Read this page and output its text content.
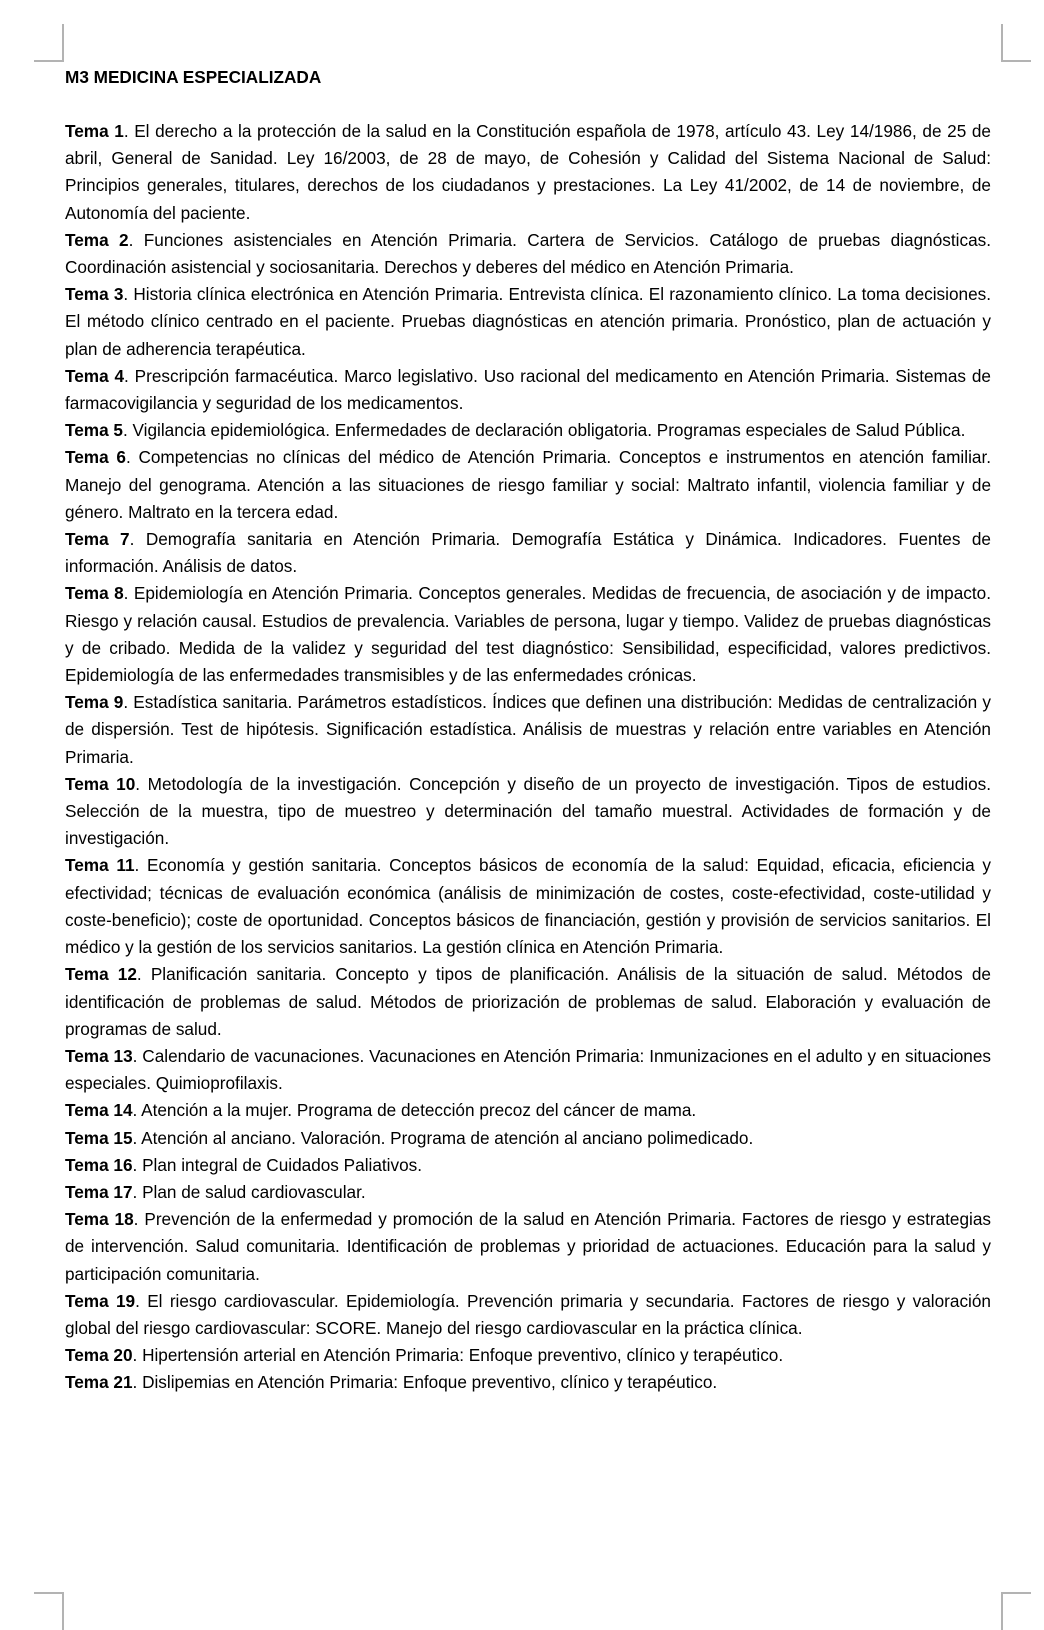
M3 MEDICINA ESPECIALIZADA

Tema 1. El derecho a la protección de la salud en la Constitución española de 1978, artículo 43. Ley 14/1986, de 25 de abril, General de Sanidad. Ley 16/2003, de 28 de mayo, de Cohesión y Calidad del Sistema Nacional de Salud: Principios generales, titulares, derechos de los ciudadanos y prestaciones. La Ley 41/2002, de 14 de noviembre, de Autonomía del paciente.

Tema 2. Funciones asistenciales en Atención Primaria. Cartera de Servicios. Catálogo de pruebas diagnósticas. Coordinación asistencial y sociosanitaria. Derechos y deberes del médico en Atención Primaria.

Tema 3. Historia clínica electrónica en Atención Primaria. Entrevista clínica. El razonamiento clínico. La toma decisiones. El método clínico centrado en el paciente. Pruebas diagnósticas en atención primaria. Pronóstico, plan de actuación y plan de adherencia terapéutica.

Tema 4. Prescripción farmacéutica. Marco legislativo. Uso racional del medicamento en Atención Primaria. Sistemas de farmacovigilancia y seguridad de los medicamentos.

Tema 5. Vigilancia epidemiológica. Enfermedades de declaración obligatoria. Programas especiales de Salud Pública.

Tema 6. Competencias no clínicas del médico de Atención Primaria. Conceptos e instrumentos en atención familiar. Manejo del genograma. Atención a las situaciones de riesgo familiar y social: Maltrato infantil, violencia familiar y de género. Maltrato en la tercera edad.

Tema 7. Demografía sanitaria en Atención Primaria. Demografía Estática y Dinámica. Indicadores. Fuentes de información. Análisis de datos.

Tema 8. Epidemiología en Atención Primaria. Conceptos generales. Medidas de frecuencia, de asociación y de impacto. Riesgo y relación causal. Estudios de prevalencia. Variables de persona, lugar y tiempo. Validez de pruebas diagnósticas y de cribado. Medida de la validez y seguridad del test diagnóstico: Sensibilidad, especificidad, valores predictivos. Epidemiología de las enfermedades transmisibles y de las enfermedades crónicas.

Tema 9. Estadística sanitaria. Parámetros estadísticos. Índices que definen una distribución: Medidas de centralización y de dispersión. Test de hipótesis. Significación estadística. Análisis de muestras y relación entre variables en Atención Primaria.

Tema 10. Metodología de la investigación. Concepción y diseño de un proyecto de investigación. Tipos de estudios. Selección de la muestra, tipo de muestreo y determinación del tamaño muestral. Actividades de formación y de investigación.

Tema 11. Economía y gestión sanitaria. Conceptos básicos de economía de la salud: Equidad, eficacia, eficiencia y efectividad; técnicas de evaluación económica (análisis de minimización de costes, coste-efectividad, coste-utilidad y coste-beneficio); coste de oportunidad. Conceptos básicos de financiación, gestión y provisión de servicios sanitarios. El médico y la gestión de los servicios sanitarios. La gestión clínica en Atención Primaria.

Tema 12. Planificación sanitaria. Concepto y tipos de planificación. Análisis de la situación de salud. Métodos de identificación de problemas de salud. Métodos de priorización de problemas de salud. Elaboración y evaluación de programas de salud.

Tema 13. Calendario de vacunaciones. Vacunaciones en Atención Primaria: Inmunizaciones en el adulto y en situaciones especiales. Quimioprofilaxis.

Tema 14. Atención a la mujer. Programa de detección precoz del cáncer de mama.

Tema 15. Atención al anciano. Valoración. Programa de atención al anciano polimedicado.

Tema 16. Plan integral de Cuidados Paliativos.

Tema 17. Plan de salud cardiovascular.

Tema 18. Prevención de la enfermedad y promoción de la salud en Atención Primaria. Factores de riesgo y estrategias de intervención. Salud comunitaria. Identificación de problemas y prioridad de actuaciones. Educación para la salud y participación comunitaria.

Tema 19. El riesgo cardiovascular. Epidemiología. Prevención primaria y secundaria. Factores de riesgo y valoración global del riesgo cardiovascular: SCORE. Manejo del riesgo cardiovascular en la práctica clínica.

Tema 20. Hipertensión arterial en Atención Primaria: Enfoque preventivo, clínico y terapéutico.

Tema 21. Dislipemias en Atención Primaria: Enfoque preventivo, clínico y terapéutico.
